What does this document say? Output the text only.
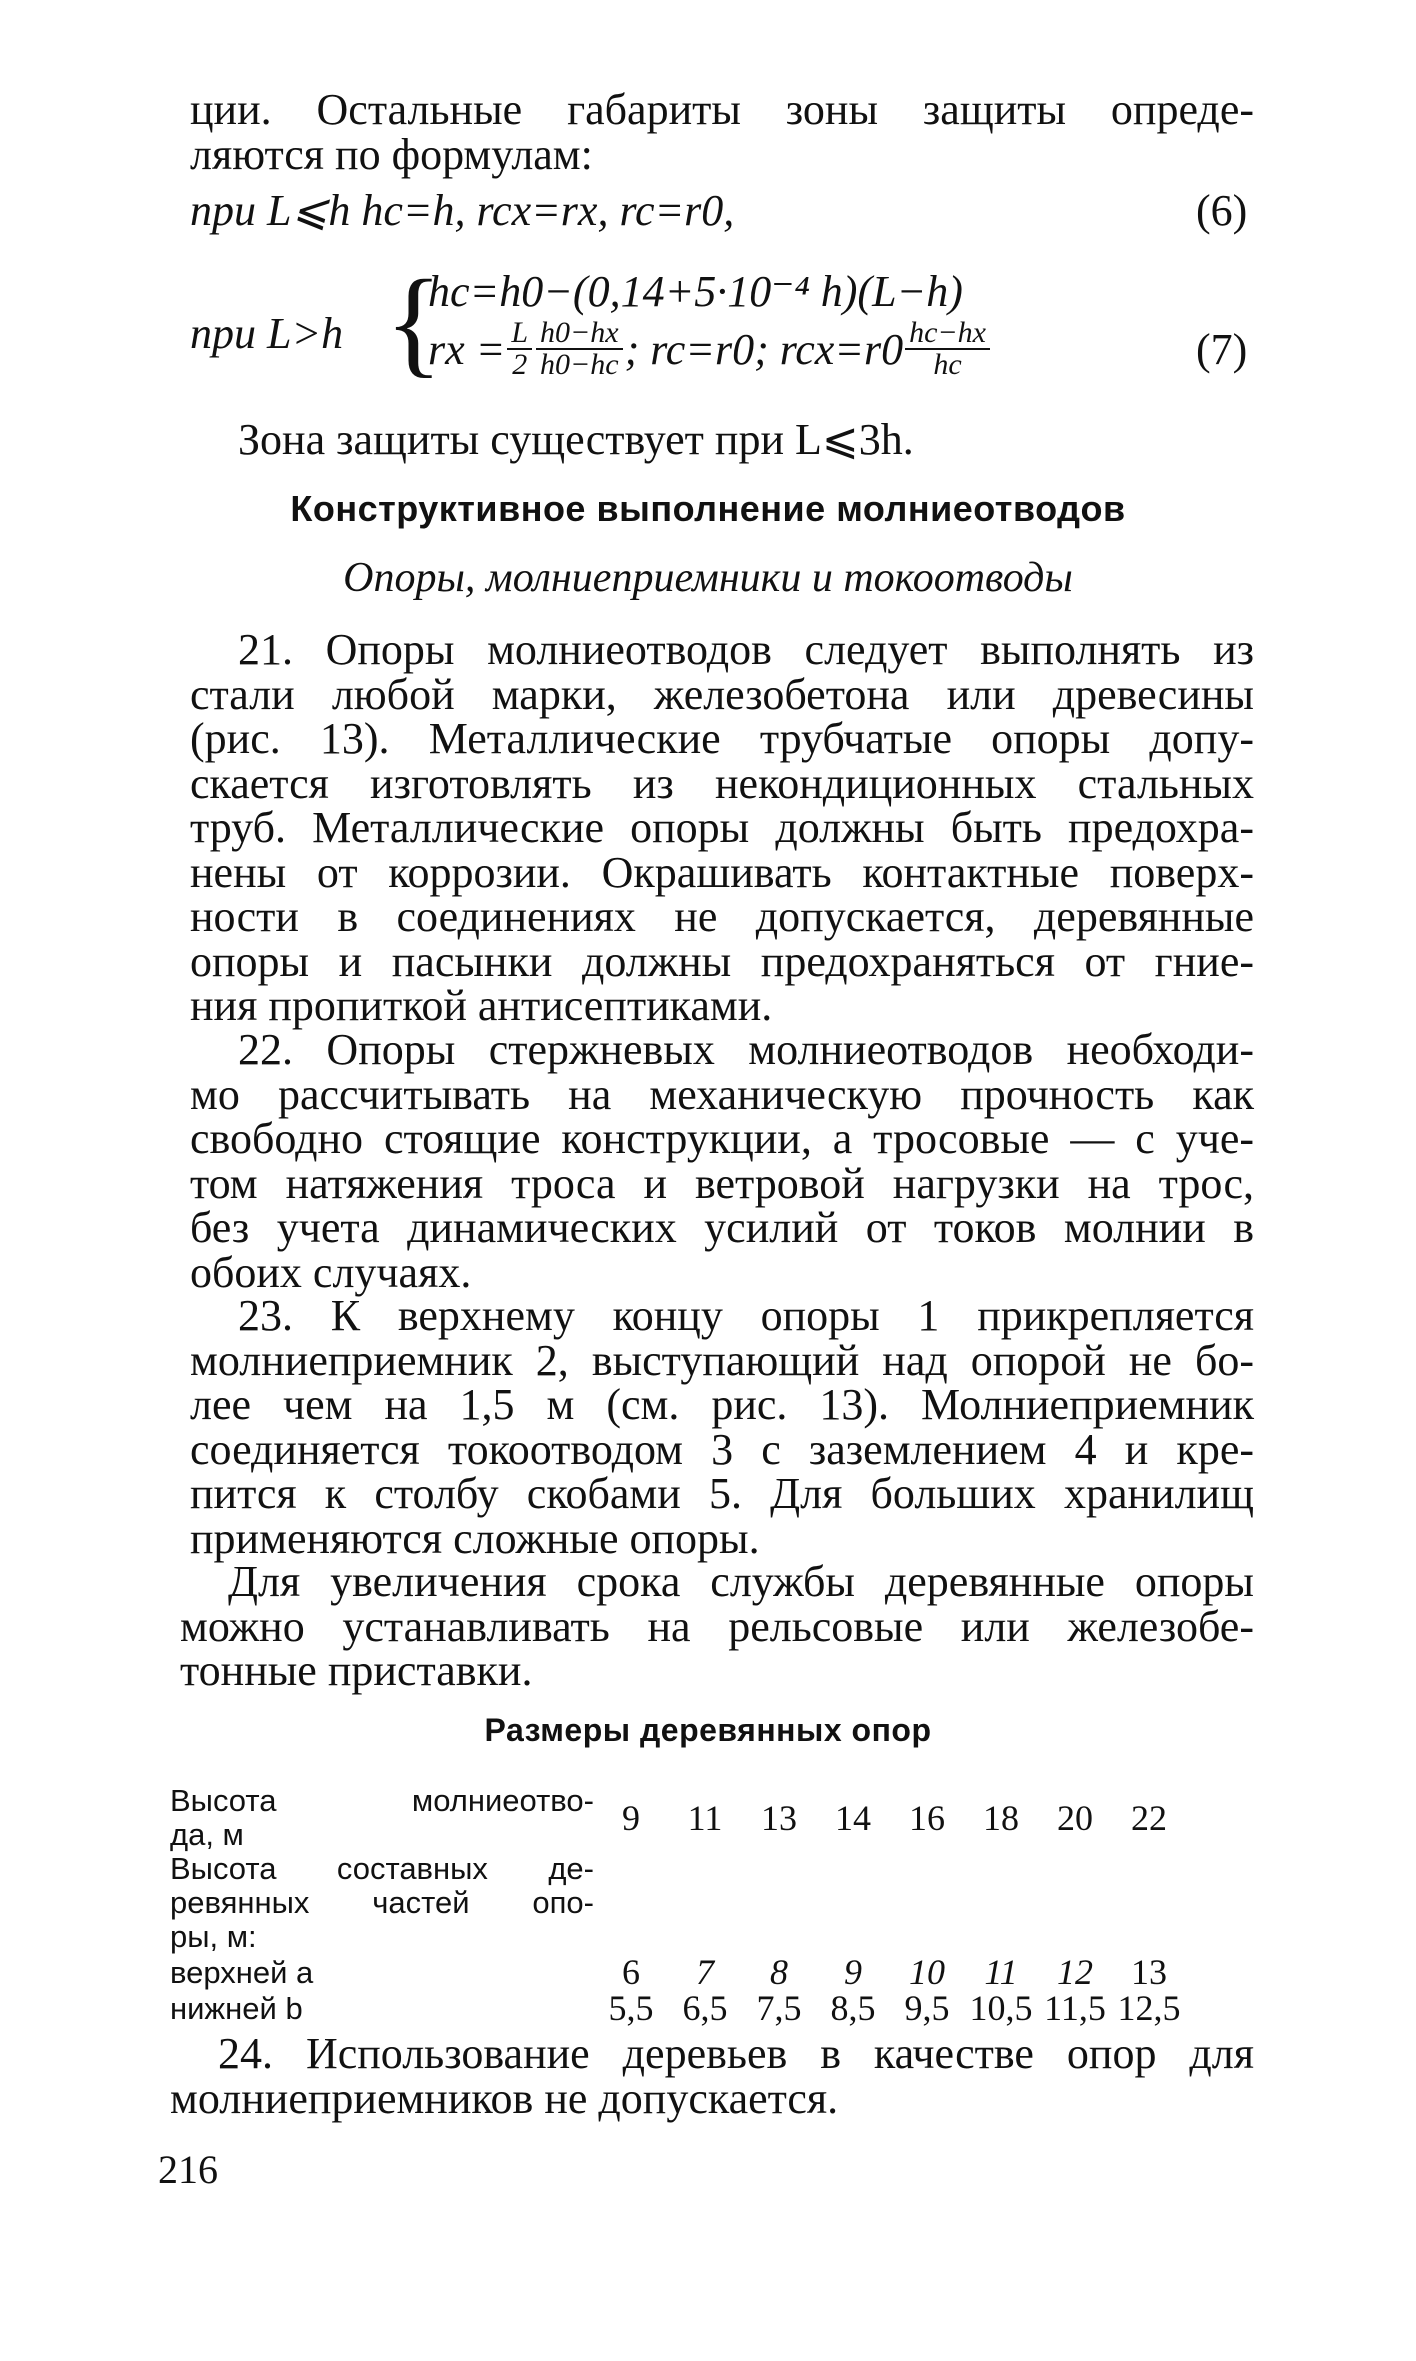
ции. Остальные габариты зоны защиты опреде-
ляются по формулам:

при L⩽h hc=h, rcx=rx, rc=r0,	(6)
при L>h {
hc=h0−(0,14+5·10⁻⁴ h)(L−h)
rx = $\frac{L}{2} \frac{h0-hx}{h0-hc}$ ; rc=r0; $rcx=r0 \frac{hc-hx}{hc}$	(7)
Зона защиты существует при L⩽3h.
Конструктивное выполнение молниеотводов
Опоры, молниеприемники и токоотводы

21. Опоры молниеотводов следует выполнять из
стали любой марки, железобетона или древесины
(рис. 13). Металлические трубчатые опоры допу-
скается изготовлять из некондиционных стальных
труб. Металлические опоры должны быть предохра-
нены от коррозии. Окрашивать контактные поверх-
ности в соединениях не допускается, деревянные
опоры и пасынки должны предохраняться от гние-
ния пропиткой антисептиками.

22. Опоры стержневых молниеотводов необходи-
мо рассчитывать на механическую прочность как
свободно стоящие конструкции, а тросовые — с уче-
том натяжения троса и ветровой нагрузки на трос,
без учета динамических усилий от токов молнии в
обоих случаях.

23. К верхнему концу опоры 1 прикрепляется
молниеприемник 2, выступающий над опорой не бо-
лее чем на 1,5 м (см. рис. 13). Молниеприемник
соединяется токоотводом 3 с заземлением 4 и кре-
пится к столбу скобами 5. Для больших хранилищ
применяются сложные опоры.

Для увеличения срока службы деревянные опоры
можно устанавливать на рельсовые или железобе-
тонные приставки.

Размеры деревянных опор
Высота молниеотво-
да, м	9	11	13	14	16	18	20	22

Высота составных де-
ревянных частей опо-
ры, м:								

верхней a	6	7	8	9	10	11	12	13
нижней b	5,5	6,5	7,5	8,5	9,5	10,5	11,5	12,5

24. Использование деревьев в качестве опор для
молниеприемников не допускается.

216
